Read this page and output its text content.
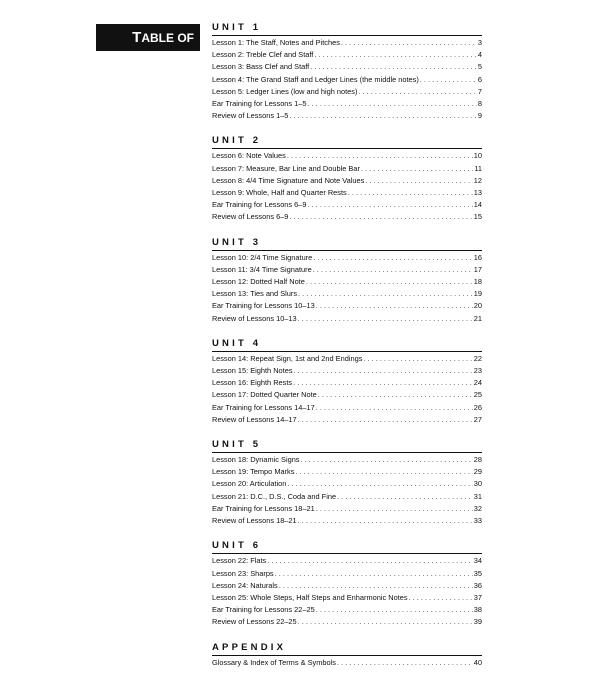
TABLE OF
UNIT 1
Lesson 1: The Staff, Notes and Pitches . . .	3
Lesson 2: Treble Clef and Staff . . .	4
Lesson 3: Bass Clef and Staff . . .	5
Lesson 4: The Grand Staff and Ledger Lines (the middle notes) . . .	6
Lesson 5: Ledger Lines (low and high notes) . . .	7
Ear Training for Lessons 1–5 . . .	8
Review of Lessons 1–5 . . .	9
UNIT 2
Lesson 6: Note Values . . .	10
Lesson 7: Measure, Bar Line and Double Bar . . .	11
Lesson 8: 4/4 Time Signature and Note Values . . .	12
Lesson 9: Whole, Half and Quarter Rests . . .	13
Ear Training for Lessons 6–9 . . .	14
Review of Lessons 6–9 . . .	15
UNIT 3
Lesson 10: 2/4 Time Signature . . .	16
Lesson 11: 3/4 Time Signature . . .	17
Lesson 12: Dotted Half Note . . .	18
Lesson 13: Ties and Slurs . . .	19
Ear Training for Lessons 10–13 . . .	20
Review of Lessons 10–13 . . .	21
UNIT 4
Lesson 14: Repeat Sign, 1st and 2nd Endings . . .	22
Lesson 15: Eighth Notes . . .	23
Lesson 16: Eighth Rests . . .	24
Lesson 17: Dotted Quarter Note . . .	25
Ear Training for Lessons 14–17 . . .	26
Review of Lessons 14–17 . . .	27
UNIT 5
Lesson 18: Dynamic Signs . . .	28
Lesson 19: Tempo Marks . . .	29
Lesson 20: Articulation . . .	30
Lesson 21: D.C., D.S., Coda and Fine . . .	31
Ear Training for Lessons 18–21 . . .	32
Review of Lessons 18–21 . . .	33
UNIT 6
Lesson 22: Flats . . .	34
Lesson 23: Sharps . . .	35
Lesson 24: Naturals . . .	36
Lesson 25: Whole Steps, Half Steps and Enharmonic Notes . . .	37
Ear Training for Lessons 22–25 . . .	38
Review of Lessons 22–25 . . .	39
APPENDIX
Glossary & Index of Terms & Symbols . . .	40
